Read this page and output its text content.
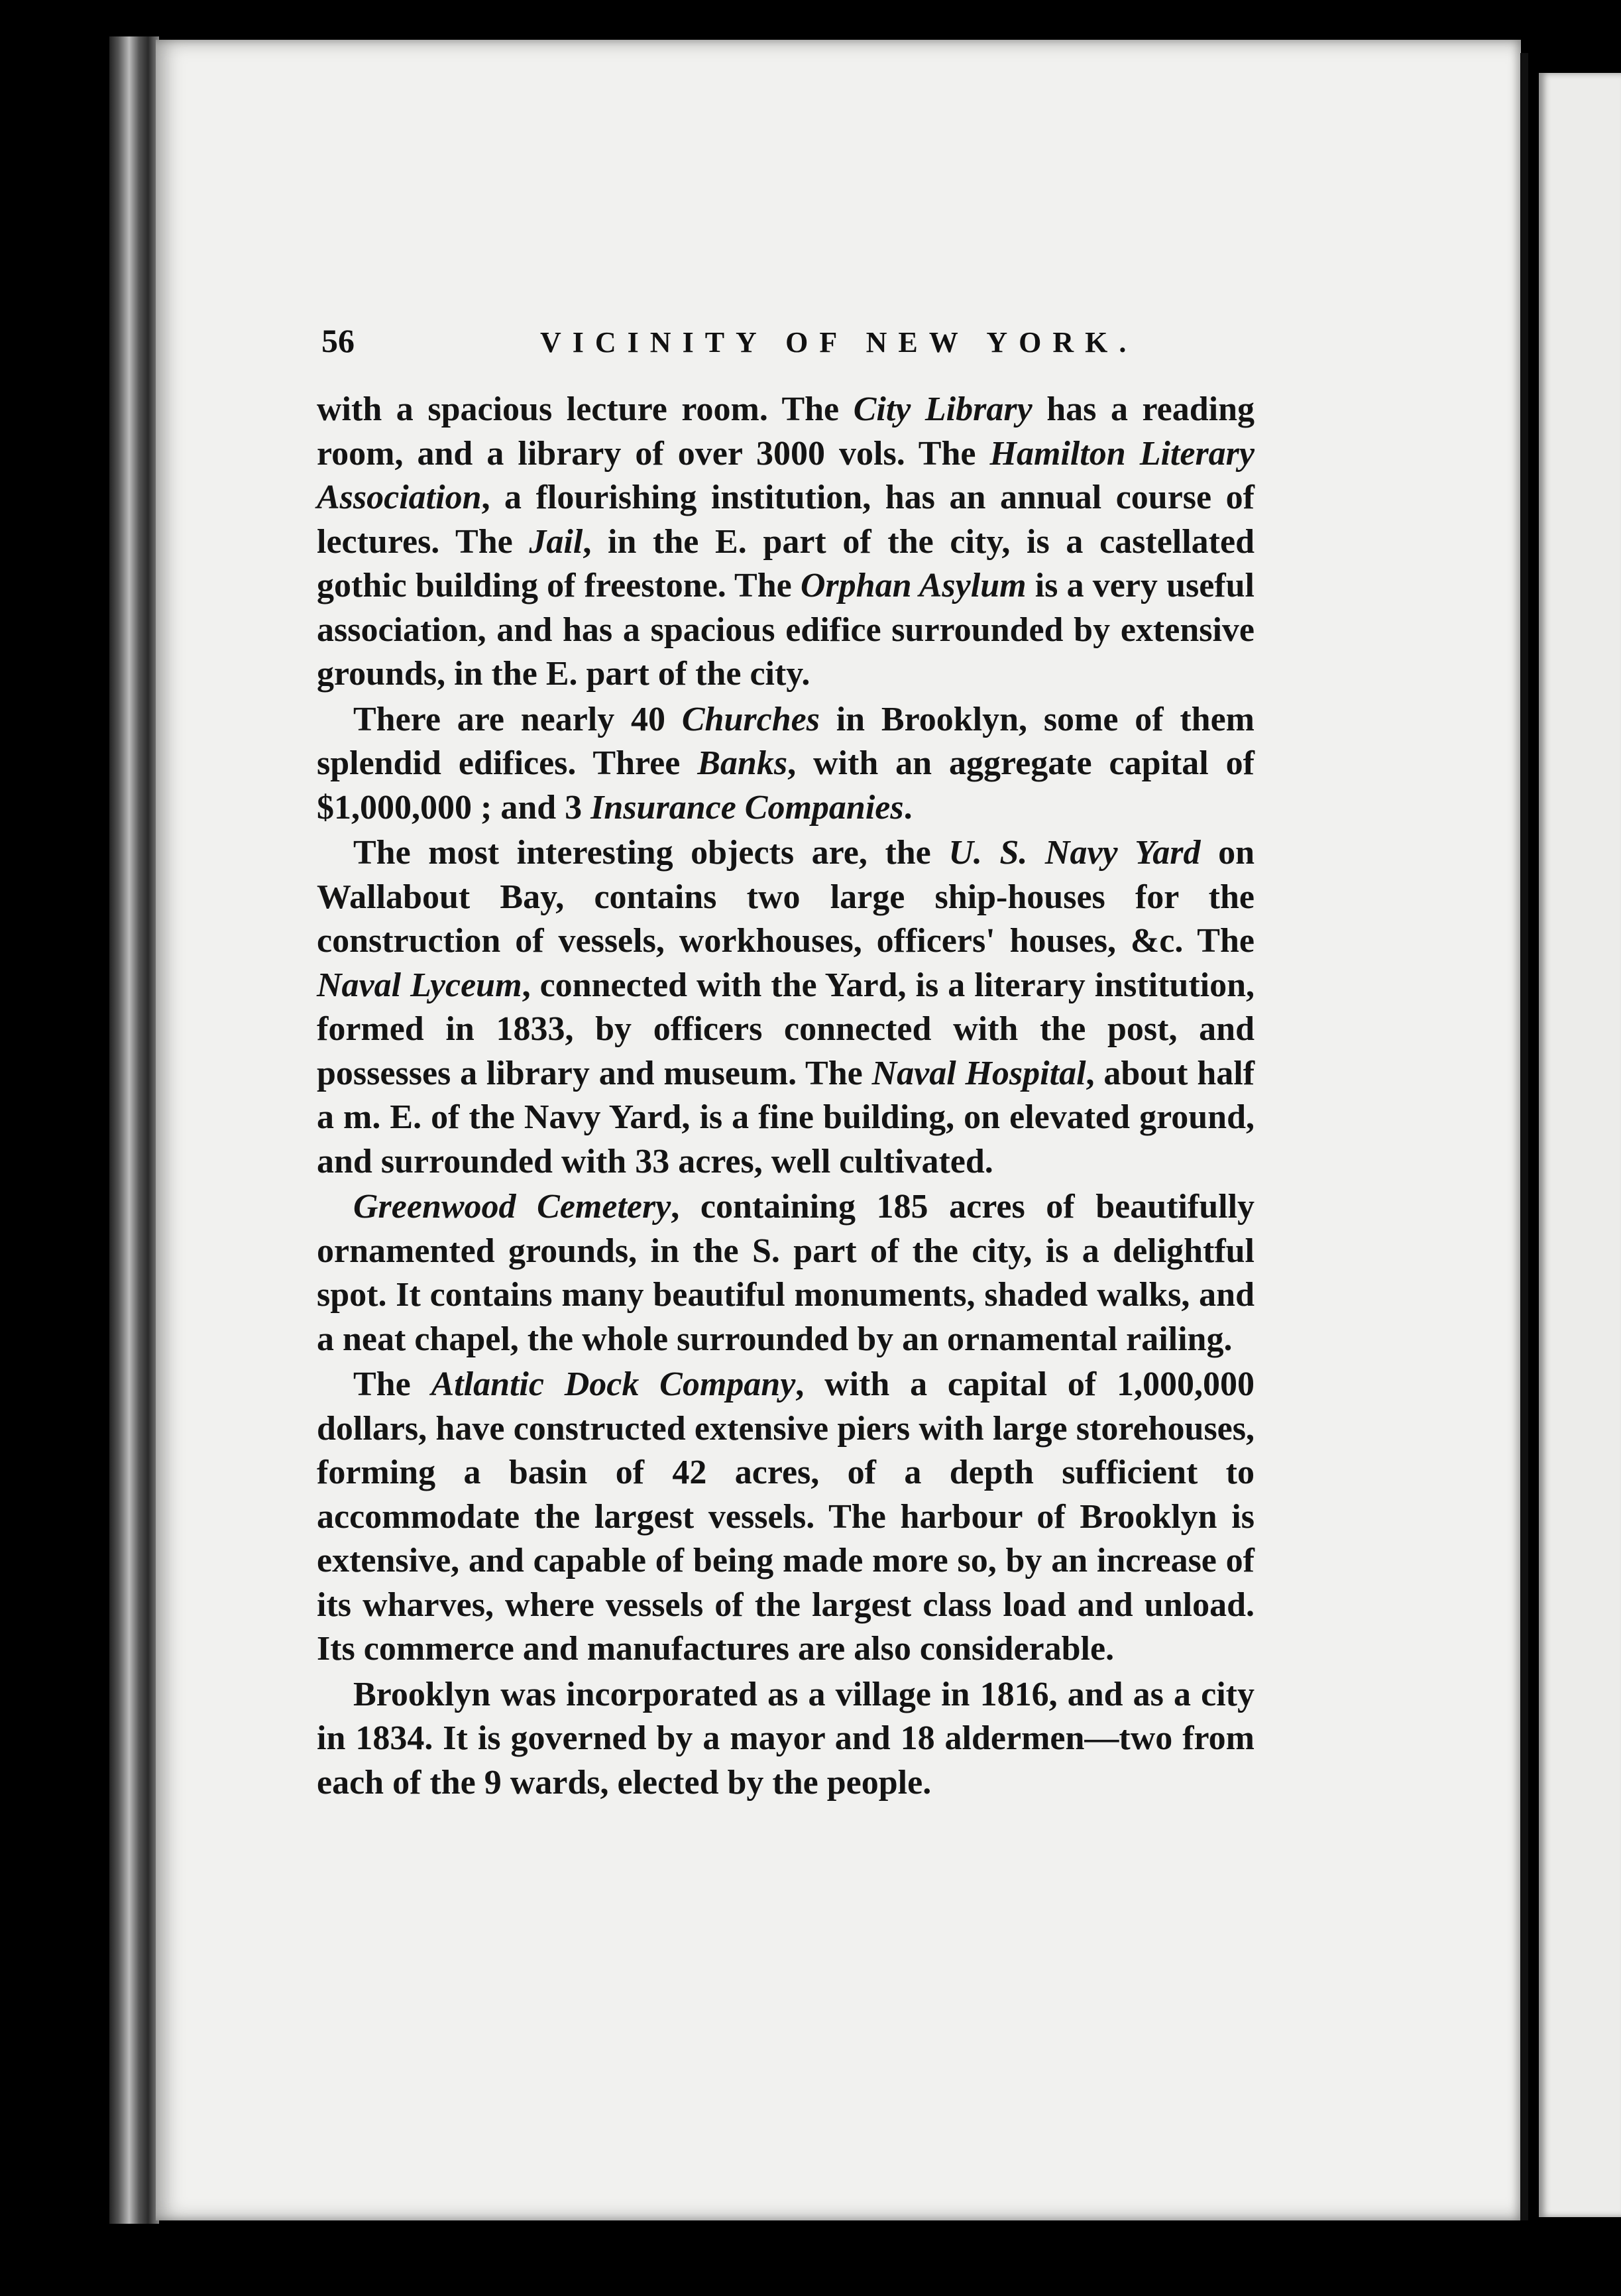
56	VICINITY OF NEW YORK.

with a spacious lecture room. The City Library has a reading room, and a library of over 3000 vols. The Hamilton Literary Association, a flourishing institution, has an annual course of lectures. The Jail, in the E. part of the city, is a castellated gothic building of freestone. The Orphan Asylum is a very useful association, and has a spacious edifice surrounded by extensive grounds, in the E. part of the city.

There are nearly 40 Churches in Brooklyn, some of them splendid edifices. Three Banks, with an aggregate capital of $1,000,000 ; and 3 Insurance Companies.

The most interesting objects are, the U. S. Navy Yard on Wallabout Bay, contains two large ship-houses for the construction of vessels, workhouses, officers' houses, &c. The Naval Lyceum, connected with the Yard, is a literary institution, formed in 1833, by officers connected with the post, and possesses a library and museum. The Naval Hospital, about half a m. E. of the Navy Yard, is a fine building, on elevated ground, and surrounded with 33 acres, well cultivated.

Greenwood Cemetery, containing 185 acres of beautifully ornamented grounds, in the S. part of the city, is a delightful spot. It contains many beautiful monuments, shaded walks, and a neat chapel, the whole surrounded by an ornamental railing.

The Atlantic Dock Company, with a capital of 1,000,000 dollars, have constructed extensive piers with large storehouses, forming a basin of 42 acres, of a depth sufficient to accommodate the largest vessels. The harbour of Brooklyn is extensive, and capable of being made more so, by an increase of its wharves, where vessels of the largest class load and unload. Its commerce and manufactures are also considerable.

Brooklyn was incorporated as a village in 1816, and as a city in 1834. It is governed by a mayor and 18 aldermen—two from each of the 9 wards, elected by the people.
